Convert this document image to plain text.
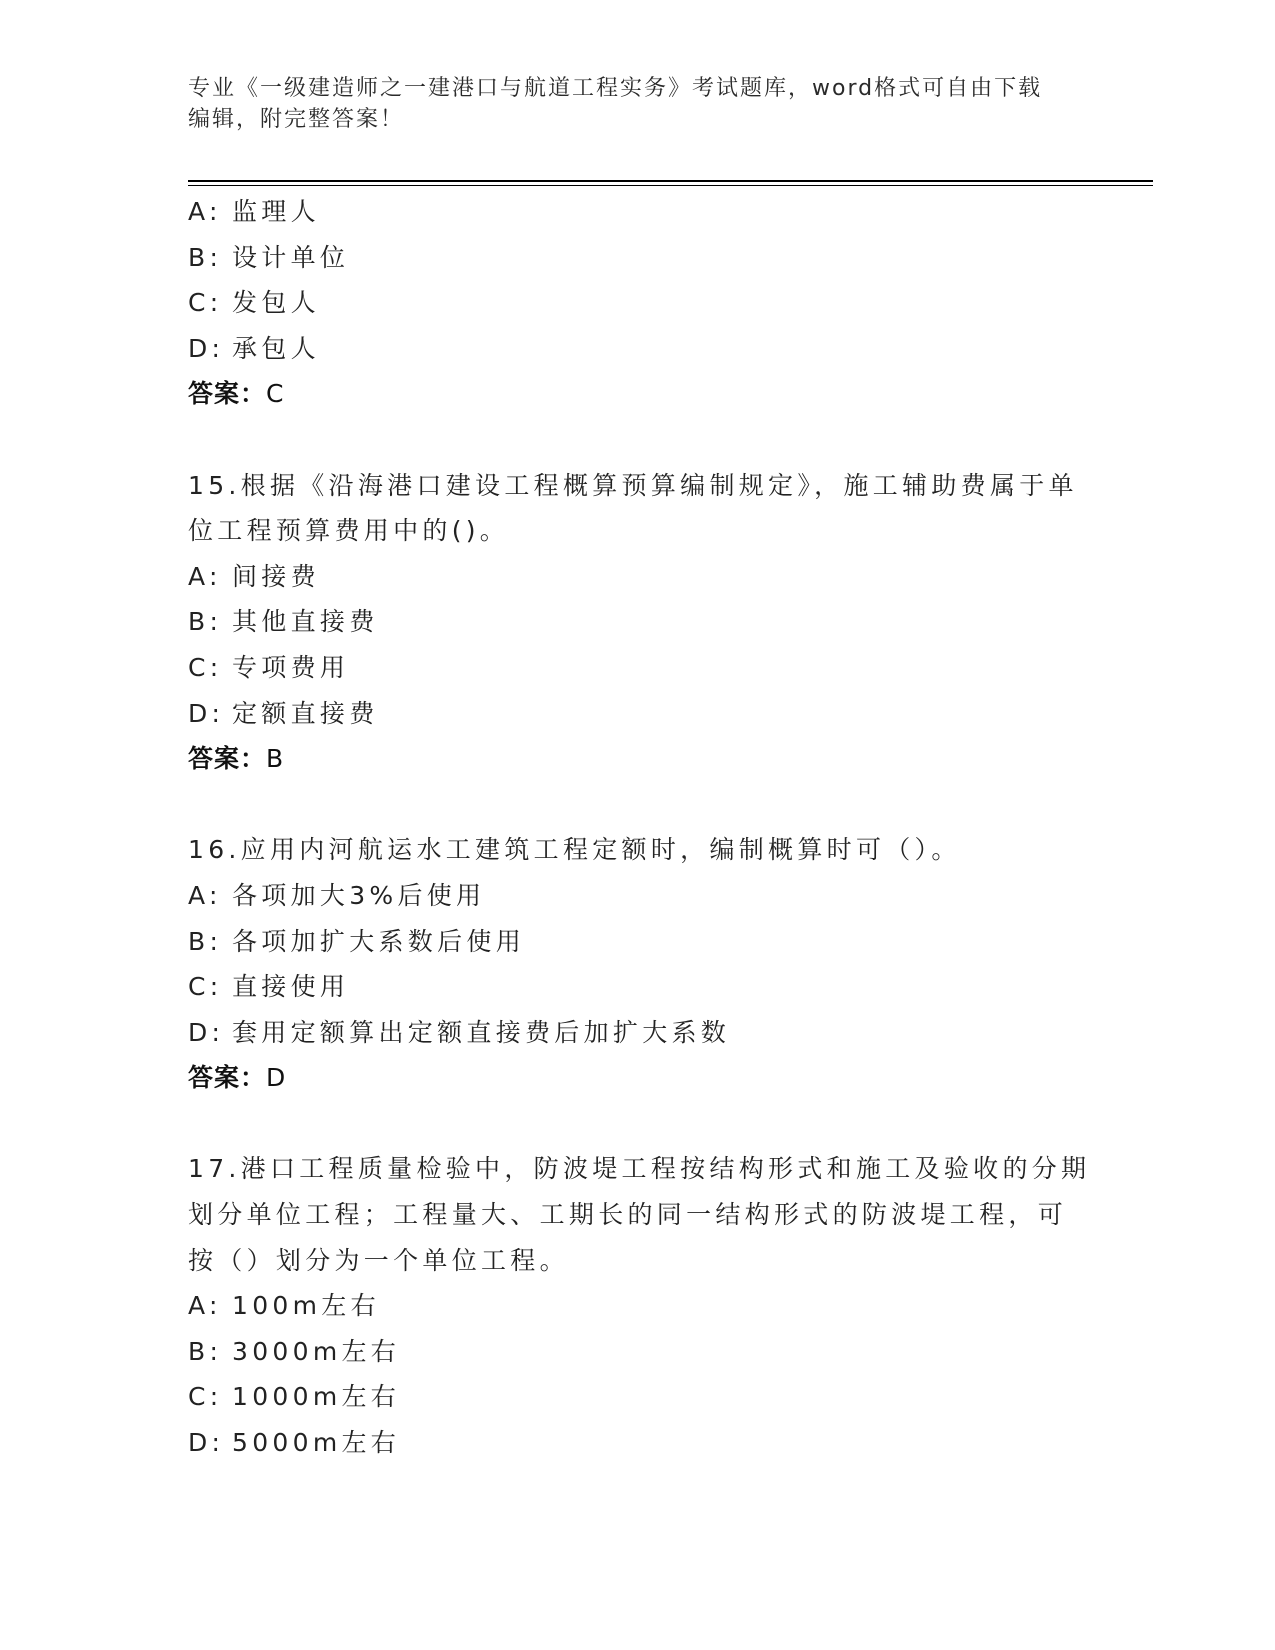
专业《一级建造师之一建港口与航道工程实务》考试题库，word格式可自由下载
编辑，附完整答案！
A: 监理人
B: 设计单位
C: 发包人
D: 承包人
答案：C
15.根据《沿海港口建设工程概算预算编制规定》，施工辅助费属于单
位工程预算费用中的()。
A: 间接费
B: 其他直接费
C: 专项费用
D: 定额直接费
答案：B
16.应用内河航运水工建筑工程定额时，编制概算时可（）。
A: 各项加大3%后使用
B: 各项加扩大系数后使用
C: 直接使用
D: 套用定额算出定额直接费后加扩大系数
答案：D
17.港口工程质量检验中，防波堤工程按结构形式和施工及验收的分期
划分单位工程；工程量大、工期长的同一结构形式的防波堤工程，可
按（）划分为一个单位工程。
A: 100m左右
B: 3000m左右
C: 1000m左右
D: 5000m左右
